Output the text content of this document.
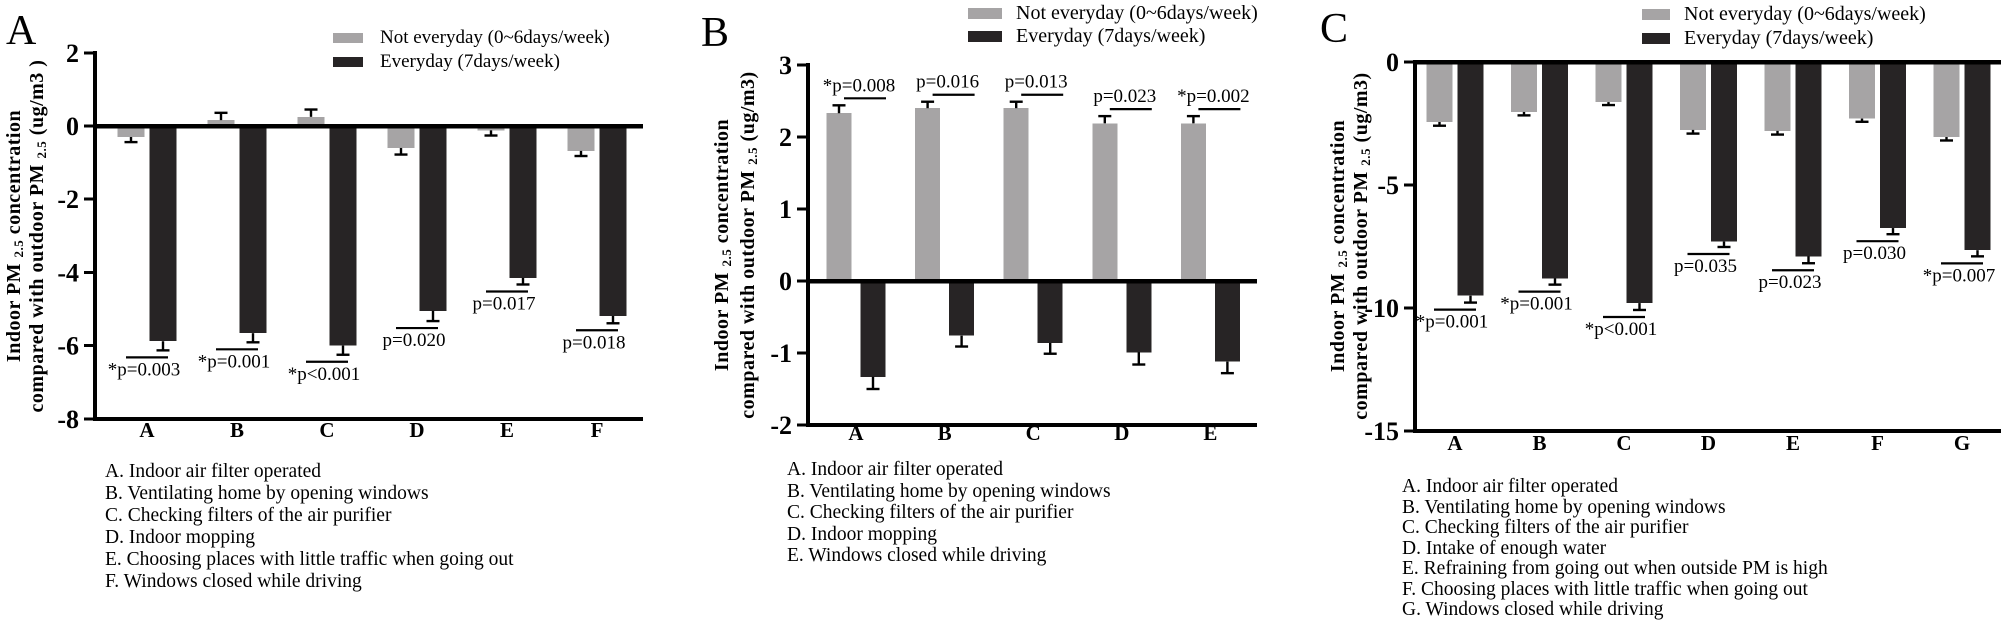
A
*p=0.003
B
*p=0.001
C
*p<0.001
D
p=0.020
E
p=0.017
F
p=0.018
2
0
-2
-4
-6
-8
Indoor PM 2.5 concentration compared with outdoor PM 2.5 (ug/m3 )
A
*p=0.008
B
p=0.016
C
p=0.013
D
p=0.023
E
*p=0.002
3
2
1
0
-1
-2
Indoor PM 2.5 concentration compared with outdoor PM 2.5 (ug/m3)
A
*p=0.001
B
*p=0.001
C
*p<0.001
D
p=0.035
E
p=0.023
F
p=0.030
G
*p=0.007
0
-5
-10
-15
Indoor PM 2.5 concentration compared with outdoor PM 2.5 (ug/m3)
A	B	C
Not everyday (0~6days/week)
Everyday (7days/week)
Not everyday (0~6days/week)
Everyday (7days/week)
Not everyday (0~6days/week)
Everyday (7days/week)
A. Indoor air filter operated
B. Ventilating home by opening windows
C. Checking filters of the air purifier
D. Indoor mopping
E. Choosing places with little traffic when going out
F. Windows closed while driving
A. Indoor air filter operated
B. Ventilating home by opening windows
C. Checking filters of the air purifier
D. Indoor mopping
E. Windows closed while driving
A. Indoor air filter operated
B. Ventilating home by opening windows
C. Checking filters of the air purifier
D. Intake of enough water
E. Refraining from going out when outside PM is high
F. Choosing places with little traffic when going out
G. Windows closed while driving
